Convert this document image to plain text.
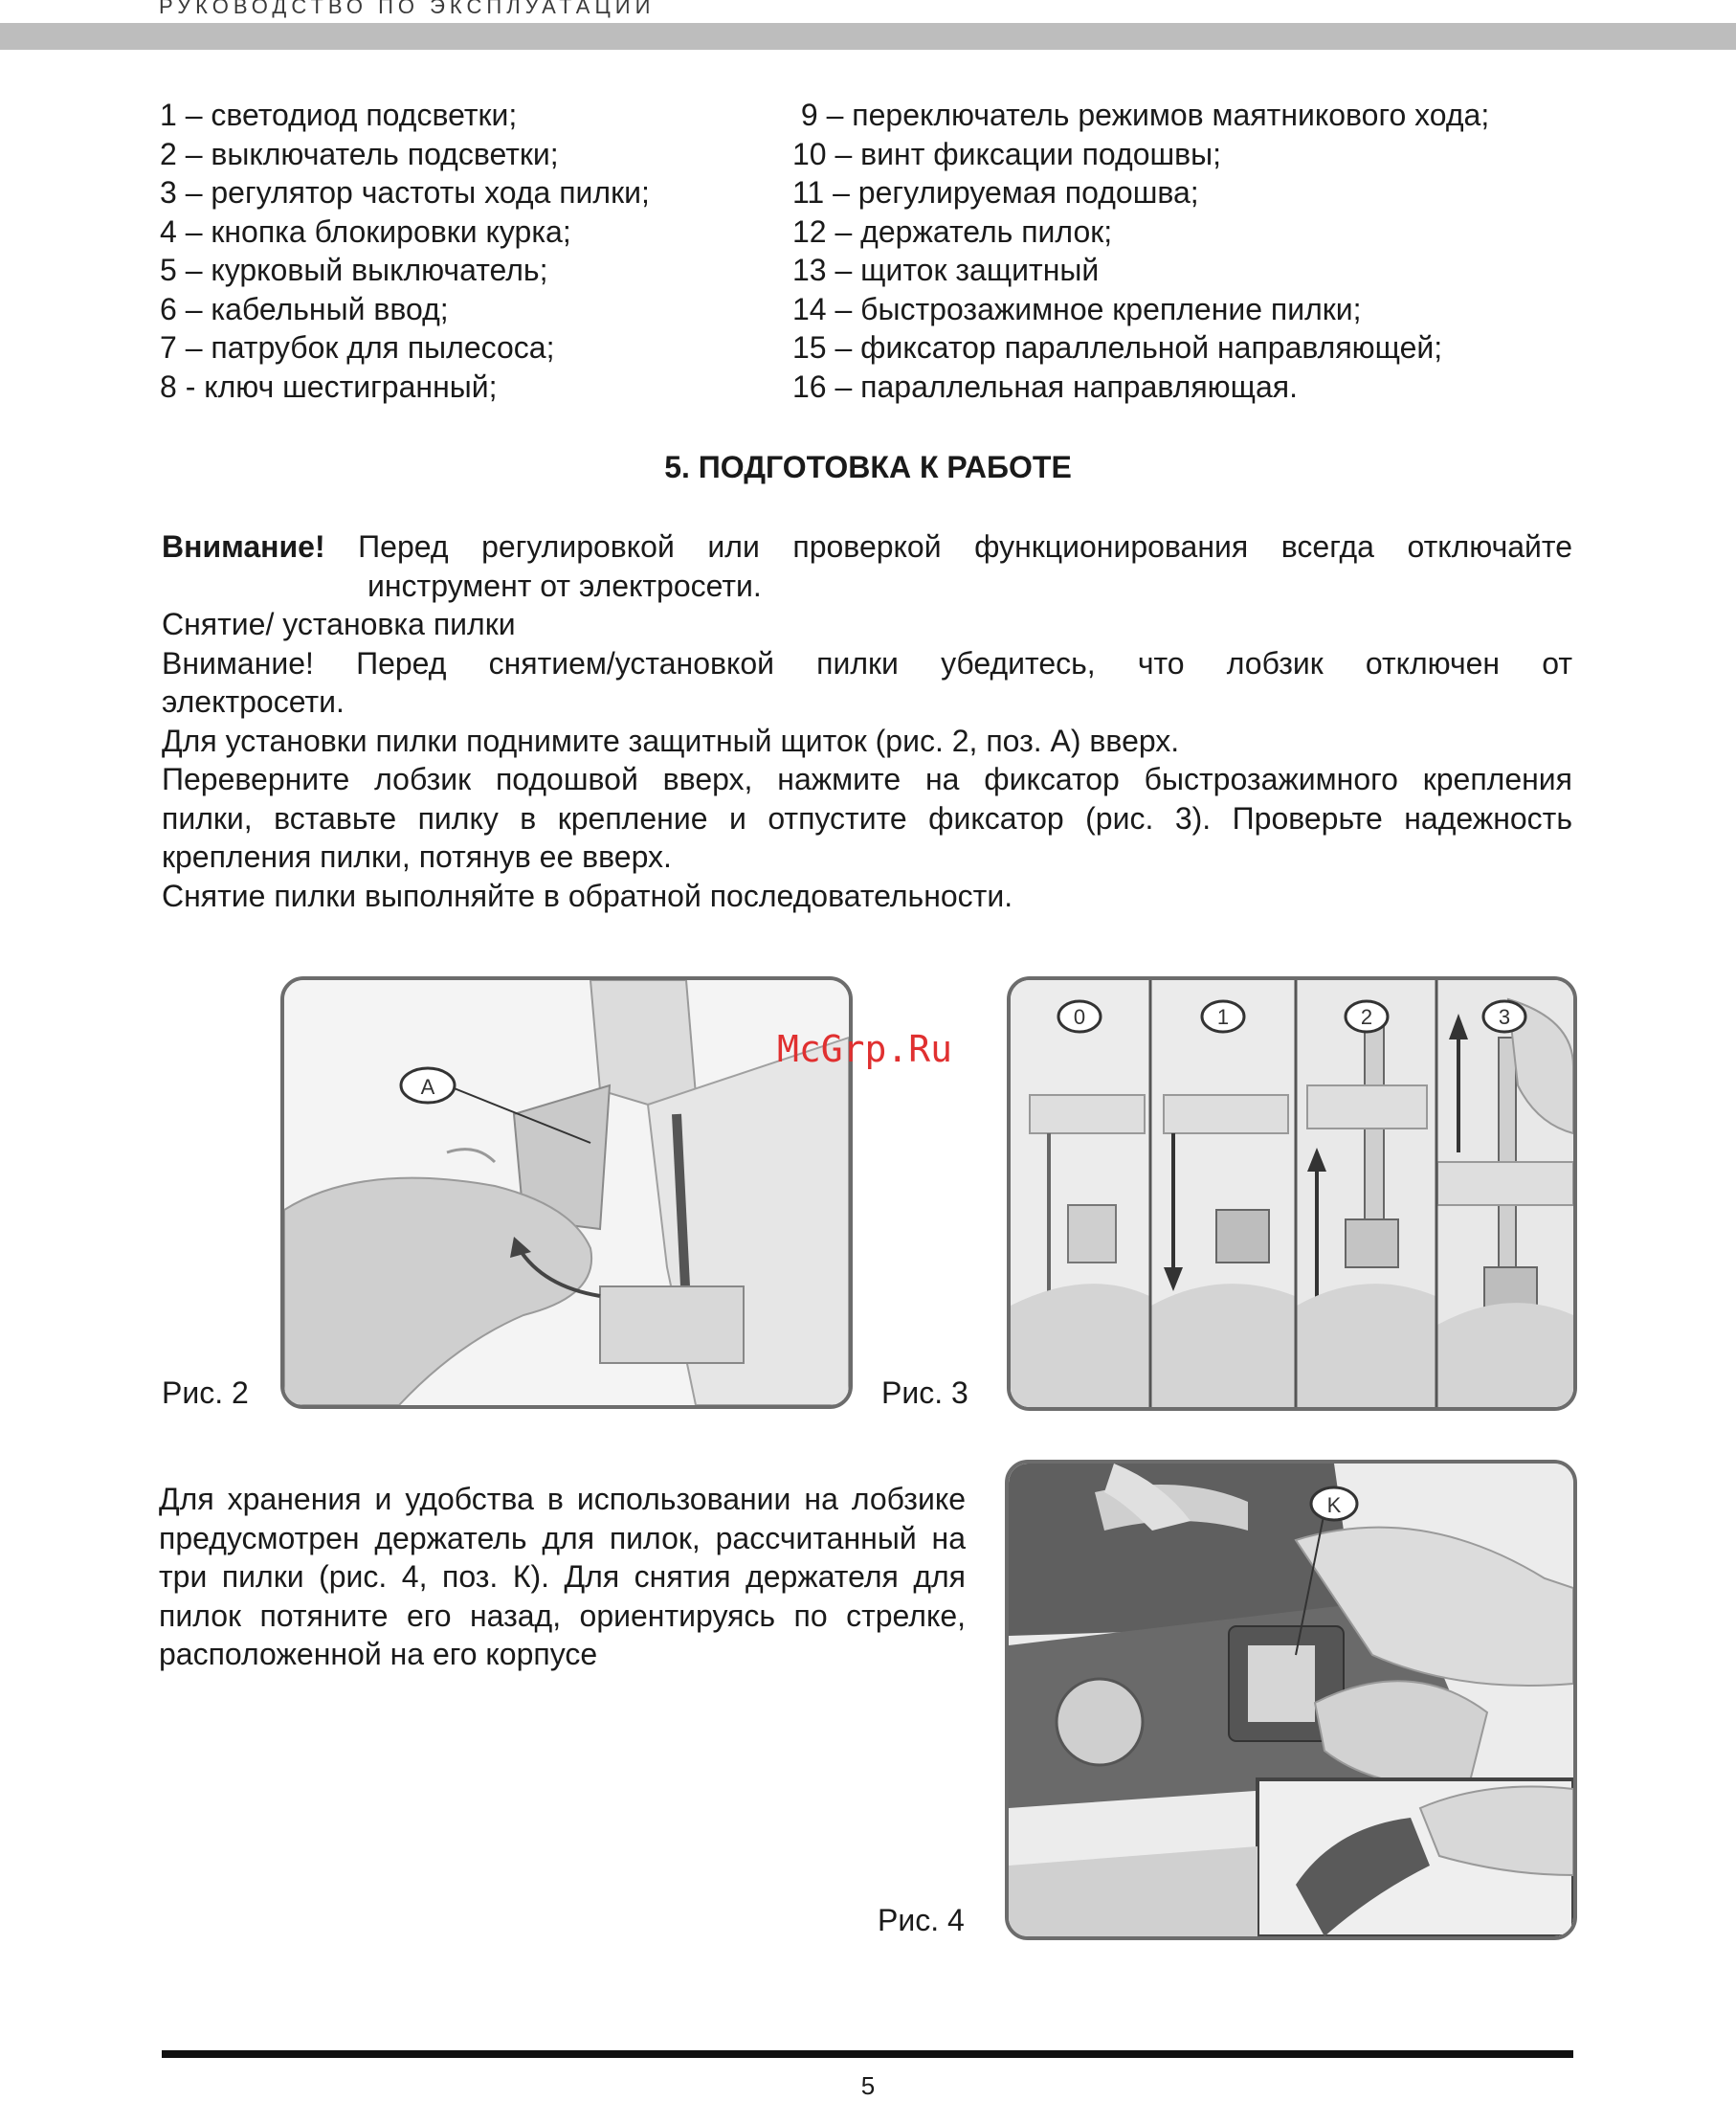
РУКОВОДСТВО ПО ЭКСПЛУАТАЦИИ
1 – светодиод подсветки;
2 – выключатель подсветки;
3 – регулятор частоты хода пилки;
4 – кнопка блокировки курка;
5 – курковый выключатель;
6 – кабельный ввод;
7 – патрубок для пылесоса;
8 - ключ шестигранный;
9 – переключатель режимов маятникового хода;
10 – винт фиксации подошвы;
11 – регулируемая подошва;
12 – держатель пилок;
13 – щиток защитный
14 – быстрозажимное крепление пилки;
15 – фиксатор параллельной направляющей;
16 – параллельная направляющая.
5. ПОДГОТОВКА К РАБОТЕ

Внимание! Перед регулировкой или проверкой функционирования всегда отключайте

инструмент от электросети.

Снятие/ установка пилки

Внимание! Перед снятием/установкой пилки убедитесь, что лобзик отключен от

электросети.

Для установки пилки поднимите защитный щиток (рис. 2, поз. А) вверх.

Переверните лобзик подошвой вверх, нажмите на фиксатор быстрозажимного крепления

пилки, вставьте пилку в крепление и отпустите фиксатор (рис. 3). Проверьте надежность

крепления пилки, потянув ее вверх.

Снятие пилки выполняйте в обратной последовательности.

A
Рис. 2
0	1	2	3
Рис. 3
McGrp.Ru
Для хранения и удобства в использовании на лобзике предусмотрен держатель для пилок, рассчитанный на три пилки (рис. 4, поз. К). Для снятия держателя для пилок потяните его назад, ориентируясь по стрелке, расположенной на его корпусе
K
Рис. 4
5
